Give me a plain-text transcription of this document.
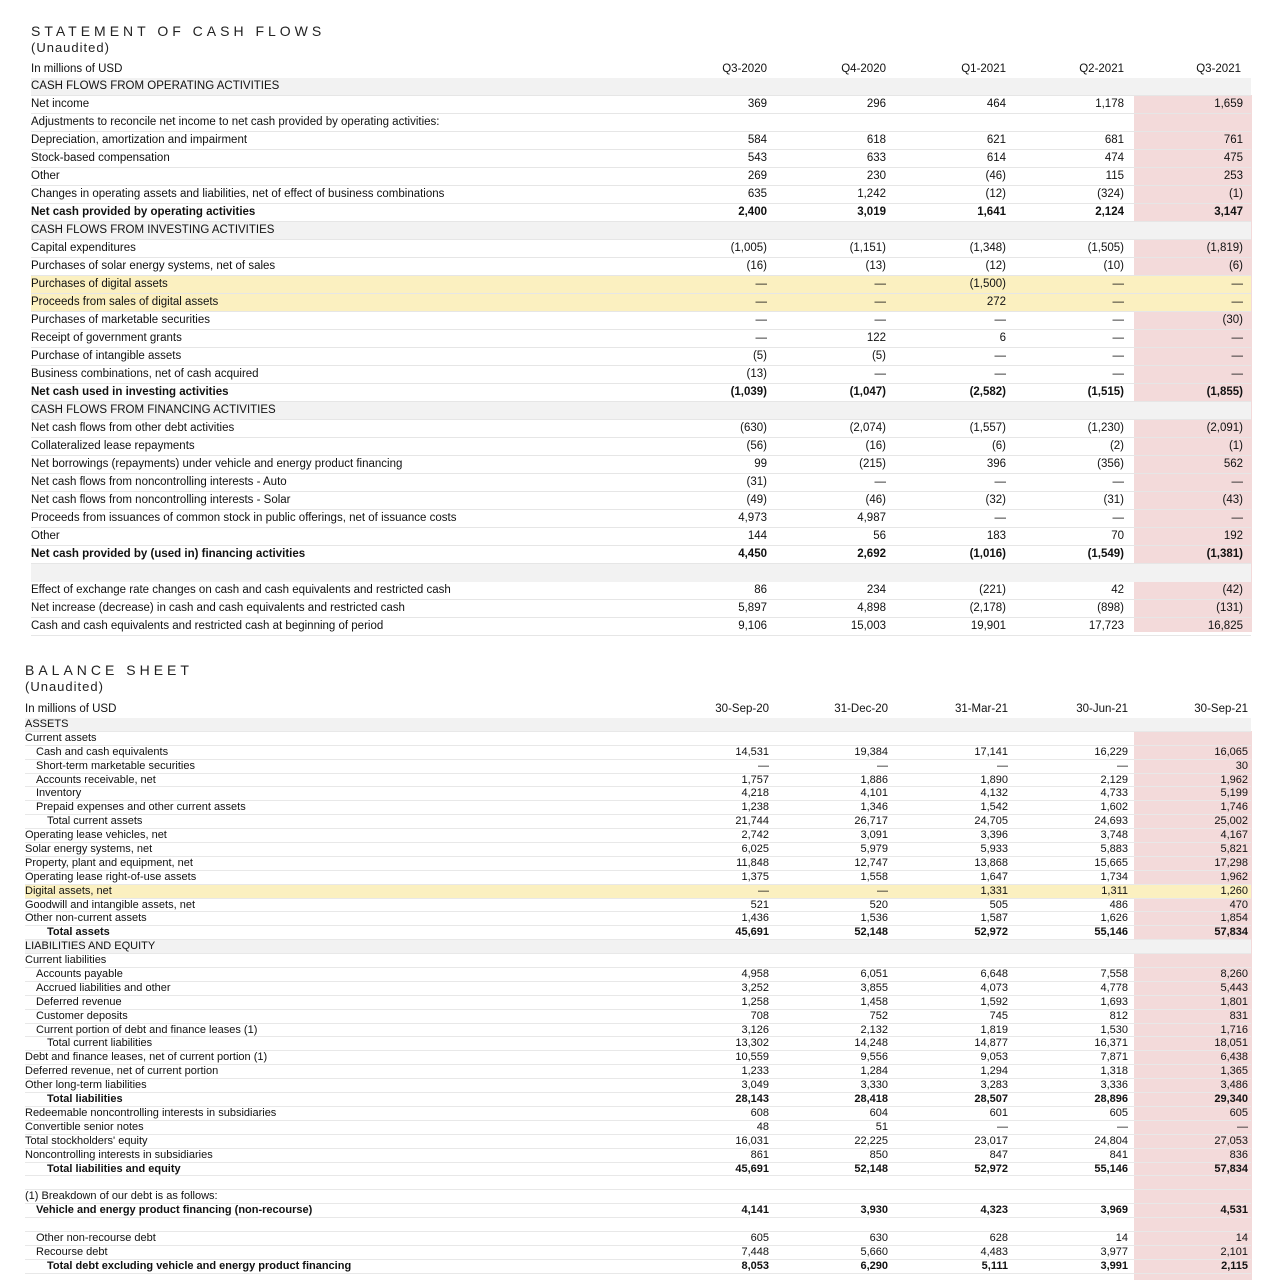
STATEMENT OF CASH FLOWS
(Unaudited)
In millions of USD	Q3-2020	Q4-2020	Q1-2021	Q2-2021	Q3-2021
CASH FLOWS FROM OPERATING ACTIVITIES
Net income	369	296	464	1,178	1,659
Adjustments to reconcile net income to net cash provided by operating activities:
Depreciation, amortization and impairment	584	618	621	681	761
Stock-based compensation	543	633	614	474	475
Other	269	230	(46)	115	253
Changes in operating assets and liabilities, net of effect of business combinations	635	1,242	(12)	(324)	(1)
Net cash provided by operating activities	2,400	3,019	1,641	2,124	3,147
CASH FLOWS FROM INVESTING ACTIVITIES
Capital expenditures	(1,005)	(1,151)	(1,348)	(1,505)	(1,819)
Purchases of solar energy systems, net of sales	(16)	(13)	(12)	(10)	(6)
Purchases of digital assets	—	—	(1,500)	—	—
Proceeds from sales of digital assets	—	—	272	—	—
Purchases of marketable securities	—	—	—	—	(30)
Receipt of government grants	—	122	6	—	—
Purchase of intangible assets	(5)	(5)	—	—	—
Business combinations, net of cash acquired	(13)	—	—	—	—
Net cash used in investing activities	(1,039)	(1,047)	(2,582)	(1,515)	(1,855)
CASH FLOWS FROM FINANCING ACTIVITIES
Net cash flows from other debt activities	(630)	(2,074)	(1,557)	(1,230)	(2,091)
Collateralized lease repayments	(56)	(16)	(6)	(2)	(1)
Net borrowings (repayments) under vehicle and energy product financing	99	(215)	396	(356)	562
Net cash flows from noncontrolling interests - Auto	(31)	—	—	—	—
Net cash flows from noncontrolling interests - Solar	(49)	(46)	(32)	(31)	(43)
Proceeds from issuances of common stock in public offerings, net of issuance costs	4,973	4,987	—	—	—
Other	144	56	183	70	192
Net cash provided by (used in) financing activities	4,450	2,692	(1,016)	(1,549)	(1,381)
Effect of exchange rate changes on cash and cash equivalents and restricted cash	86	234	(221)	42	(42)
Net increase (decrease) in cash and cash equivalents and restricted cash	5,897	4,898	(2,178)	(898)	(131)
Cash and cash equivalents and restricted cash at beginning of period	9,106	15,003	19,901	17,723	16,825
BALANCE SHEET
(Unaudited)
In millions of USD	30-Sep-20	31-Dec-20	31-Mar-21	30-Jun-21	30-Sep-21
ASSETS
Current assets
Cash and cash equivalents	14,531	19,384	17,141	16,229	16,065
Short-term marketable securities	—	—	—	—	30
Accounts receivable, net	1,757	1,886	1,890	2,129	1,962
Inventory	4,218	4,101	4,132	4,733	5,199
Prepaid expenses and other current assets	1,238	1,346	1,542	1,602	1,746
Total current assets	21,744	26,717	24,705	24,693	25,002
Operating lease vehicles, net	2,742	3,091	3,396	3,748	4,167
Solar energy systems, net	6,025	5,979	5,933	5,883	5,821
Property, plant and equipment, net	11,848	12,747	13,868	15,665	17,298
Operating lease right-of-use assets	1,375	1,558	1,647	1,734	1,962
Digital assets, net	—	—	1,331	1,311	1,260
Goodwill and intangible assets, net	521	520	505	486	470
Other non-current assets	1,436	1,536	1,587	1,626	1,854
Total assets	45,691	52,148	52,972	55,146	57,834
LIABILITIES AND EQUITY
Current liabilities
Accounts payable	4,958	6,051	6,648	7,558	8,260
Accrued liabilities and other	3,252	3,855	4,073	4,778	5,443
Deferred revenue	1,258	1,458	1,592	1,693	1,801
Customer deposits	708	752	745	812	831
Current portion of debt and finance leases (1)	3,126	2,132	1,819	1,530	1,716
Total current liabilities	13,302	14,248	14,877	16,371	18,051
Debt and finance leases, net of current portion (1)	10,559	9,556	9,053	7,871	6,438
Deferred revenue, net of current portion	1,233	1,284	1,294	1,318	1,365
Other long-term liabilities	3,049	3,330	3,283	3,336	3,486
Total liabilities	28,143	28,418	28,507	28,896	29,340
Redeemable noncontrolling interests in subsidiaries	608	604	601	605	605
Convertible senior notes	48	51	—	—	—
Total stockholders' equity	16,031	22,225	23,017	24,804	27,053
Noncontrolling interests in subsidiaries	861	850	847	841	836
Total liabilities and equity	45,691	52,148	52,972	55,146	57,834
(1) Breakdown of our debt is as follows:
Vehicle and energy product financing (non-recourse)	4,141	3,930	4,323	3,969	4,531
Other non-recourse debt	605	630	628	14	14
Recourse debt	7,448	5,660	4,483	3,977	2,101
Total debt excluding vehicle and energy product financing	8,053	6,290	5,111	3,991	2,115
